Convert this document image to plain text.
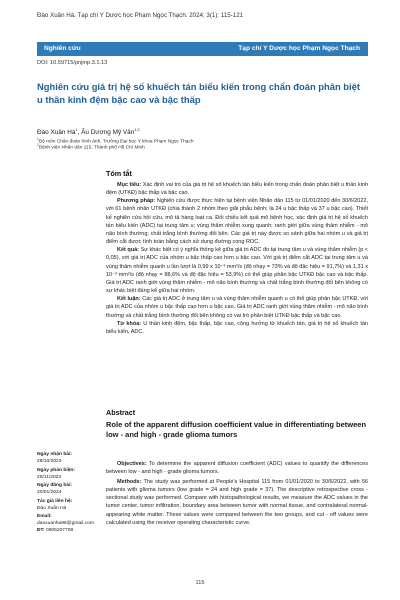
Đào Xuân Hà. Tạp chí Y Dược học Phạm Ngọc Thạch. 2024; 3(1): 115-121
Nghiên cứu	Tạp chí Y Dược học Phạm Ngọc Thạch
DOI: 10.59715/pnjmp.3.1.13
Nghiên cứu giá trị hệ số khuếch tán biểu kiến trong chẩn đoán phân biệt u thần kinh đệm bậc cao và bậc thấp
Đào Xuân $Hà^1$, Âu Dương Mỹ Vân$^{1,2}$
$^1$Bộ môn Chẩn đoán hình ảnh, Trường Đại học Y khoa Phạm Ngọc Thạch
$^2$Bệnh viện Nhân dân 115, Thành phố Hồ Chí Minh
Tóm tắt

Mục tiêu: Xác định vai trò của giá trị hệ số khuếch tán biểu kiến trong chẩn đoán phân biệt u thần kinh đệm (UTKĐ) bậc thấp và bậc cao.

Phương pháp: Nghiên cứu được thực hiện tại bệnh viện Nhân dân 115 từ 01/01/2020 đến 30/6/2022, với 61 bệnh nhân UTKĐ (chia thành 2 nhóm theo giải phẫu bệnh; là 24 u bậc thấp và 37 u bậc cao). Thiết kế nghiên cứu hồi cứu, mô tả hàng loạt ca. Đối chiếu kết quả mô bệnh học, xác định giá trị hệ số khuếch tán biểu kiến (ADC) tại trung tâm u; vùng thâm nhiễm xung quanh; ranh giới giữa vùng thâm nhiễm - mô não bình thường; chất trắng bình thường đối bên. Các giá trị này được so sánh giữa hai nhóm u và giá trị điểm cắt được tính toán bằng cách sử dụng đường cong ROC.

Kết quả: Sự khác biệt có ý nghĩa thống kê giữa giá trị ADC đo tại trung tâm u và vùng thâm nhiễm (p < 0,05), với giá trị ADC của nhóm u bậc thấp cao hơn u bậc cao. Với giá trị điểm cắt ADC tại trung tâm u và vùng thâm nhiễm quanh u lần lượt là 0,99 x 10⁻³ mm²/s (độ nhạy = 73% và độ đặc hiệu = 91,7%) và 1,31 x 10⁻³ mm²/s (độ nhạy = 88,6% và độ đặc hiệu = 53,9%) có thể giúp phân bậc UTKĐ bậc cao và bậc thấp. Giá trị ADC ranh giới vùng thâm nhiễm - mô não bình thường và chất trắng bình thường đối bên không có sự khác biệt đáng kể giữa hai nhóm.

Kết luận: Các giá trị ADC ở trung tâm u và vùng thâm nhiễm quanh u có thể giúp phân bậc UTKĐ, với giá trị ADC của nhóm u bậc thấp cao hơn u bậc cao. Giá trị ADC ranh giới vùng thâm nhiễm - mô não bình thường và chất trắng bình thường đối bên không có vai trò phân biệt UTKĐ bậc thấp và bậc cao.

Từ khóa: U thần kinh đệm, bậc thấp, bậc cao, cộng hưởng từ khuếch tán, giá trị hệ số khuếch tán biểu kiến, ADC.

Abstract
Role of the apparent diffusion coefficient value in differentiating between low - and high - grade glioma tumors

Objectives: To determine the apparent diffusion coefficient (ADC) values to quantify the differences between low - and high - grade glioma tumors.

Methods: The study was performed at People's Hospital 115 from 01/01/2020 to 30/6/2022, with 56 patients with glioma tumors (low grade = 24 and high grade = 37). The descriptive retrospective cross - sectional study was performed. Compare with histopathological results, we measure the ADC values in the tumor center, tumor infiltration, boundary area between tumor with normal tissue, and contralateral normal-appearing white matter. These values were compared between the two groups, and cut - off values were calculated using the receiver operating characteristic curve.

Ngày nhận bài:
28/10/2023
Ngày phản biện:
29/11/2023
Ngày đăng bài:
20/01/2024
Tác giả liên hệ:
Đào Xuân Hà
Email: daoxuanha96@gmail.com
ĐT: 0905207708
115
